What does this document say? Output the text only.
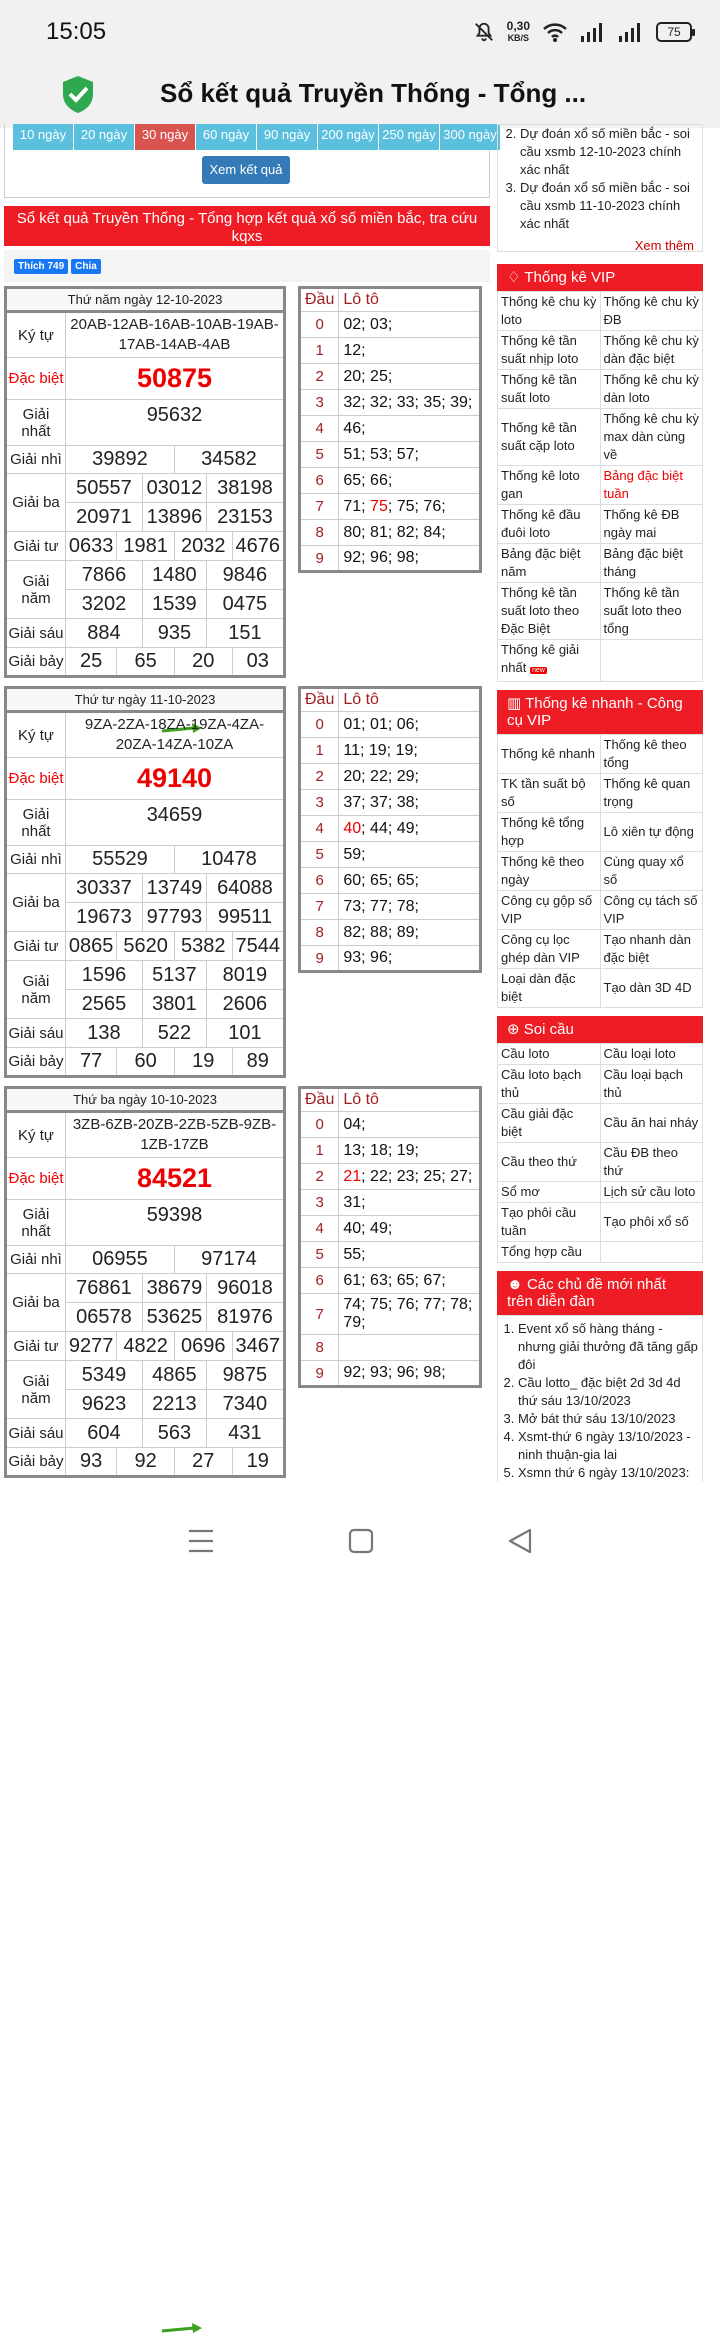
15:05	0,30
KB/S	75
Sổ kết quả Truyền Thống - Tổng ...
10 ngày	20 ngày	30 ngày	60 ngày	90 ngày 200 ngày 250 ngày 300 ngày
Xem kết quả
Sổ kết quả Truyền Thống - Tổng hợp kết quả xổ số miền bắc, tra cứu kqxs
Thích 749	Chia
Thứ năm ngày 12-10-2023
Ký tự	20AB-12AB-16AB-10AB-19AB-17AB-14AB-4AB					
Đặc biệt	50875					
Giải nhất	95632					
Giải nhì	39892			34582		
Giải ba	50557		03012		38198	
	20971		13896		23153	
Giải tư	0633	1981		2032		4676
Giải năm	7866		1480		9846	
	3202		1539		0475	
Giải sáu	884		935		151	
Giải bảy	25	65		20		03
Đầu	Lô tô
0	02; 03;
1	12;
2	20; 25;
3	32; 32; 33; 35; 39;
4	46;
5	51; 53; 57;
6	65; 66;
7	71; 75; 75; 76;
8	80; 81; 82; 84;
9	92; 96; 98;
Thứ tư ngày 11-10-2023
Ký tự	9ZA-2ZA-18ZA-19ZA-4ZA-20ZA-14ZA-10ZA					
Đặc biệt	49140					
Giải nhất	34659					
Giải nhì	55529			10478		
Giải ba	30337		13749		64088	
	19673		97793		99511	
Giải tư	0865	5620		5382		7544
Giải năm	1596		5137		8019	
	2565		3801		2606	
Giải sáu	138		522		101	
Giải bảy	77	60		19		89
Đầu	Lô tô
0	01; 01; 06;
1	11; 19; 19;
2	20; 22; 29;
3	37; 37; 38;
4	40; 44; 49;
5	59;
6	60; 65; 65;
7	73; 77; 78;
8	82; 88; 89;
9	93; 96;
Thứ ba ngày 10-10-2023
Ký tự	3ZB-6ZB-20ZB-2ZB-5ZB-9ZB-1ZB-17ZB					
Đặc biệt	84521					
Giải nhất	59398					
Giải nhì	06955			97174		
Giải ba	76861		38679		96018	
	06578		53625		81976	
Giải tư	9277	4822		0696		3467
Giải năm	5349		4865		9875	
	9623		2213		7340	
Giải sáu	604		563		431	
Giải bảy	93	92		27		19
Đầu	Lô tô
0	04;
1	13; 18; 19;
2	21; 22; 23; 25; 27;
3	31;
4	40; 49;
5	55;
6	61; 63; 65; 67;
7	74; 75; 76; 77; 78; 79;
8	
9	92; 93; 96; 98;
2. Dự đoán xổ số miền bắc - soi cầu xsmb 12-10-2023 chính xác nhất
3. Dự đoán xổ số miền bắc - soi cầu xsmb 11-10-2023 chính xác nhất
Xem thêm
♢ Thống kê VIP
Thống kê chu kỳ loto	Thống kê chu kỳ ĐB
Thống kê tần suất nhịp loto	Thống kê chu kỳ dàn đặc biệt
Thống kê tần suất loto	Thống kê chu kỳ dàn loto
Thống kê tần suất cặp loto	Thống kê chu kỳ max dàn cùng về
Thống kê loto gan	Bảng đặc biệt tuần
Thống kê đầu đuôi loto	Thống kê ĐB ngày mai
Bảng đặc biệt năm	Bảng đặc biệt tháng
Thống kê tần suất loto theo Đặc Biệt	Thống kê tần suất loto theo tổng
Thống kê giải nhất new	
▥ Thống kê nhanh - Công cụ VIP
Thống kê nhanh	Thống kê theo tổng
TK tần suất bộ số	Thống kê quan trọng
Thống kê tổng hợp	Lô xiên tự động
Thống kê theo ngày	Cùng quay xổ số
Công cụ gộp số VIP	Công cụ tách số VIP
Công cụ lọc ghép dàn VIP	Tạo nhanh dàn đặc biệt
Loại dàn đặc biệt	Tạo dàn 3D 4D
⊕ Soi cầu
Cầu loto	Cầu loại loto
Cầu loto bạch thủ	Cầu loại bạch thủ
Cầu giải đặc biệt	Cầu ăn hai nháy
Cầu theo thứ	Cầu ĐB theo thứ
Sổ mơ	Lịch sử cầu loto
Tạo phôi cầu tuần	Tạo phôi xổ số
Tổng hợp cầu	
☻ Các chủ đề mới nhất trên diễn đàn
1. Event xổ số hàng tháng - nhưng giải thưởng đã tăng gấp đôi
2. Cầu lotto_ đặc biệt 2d 3d 4d thứ sáu 13/10/2023
3. Mở bát thứ sáu 13/10/2023
4. Xsmt-thứ 6 ngày 13/10/2023 - ninh thuận-gia lai
5. Xsmn thứ 6 ngày 13/10/2023:
